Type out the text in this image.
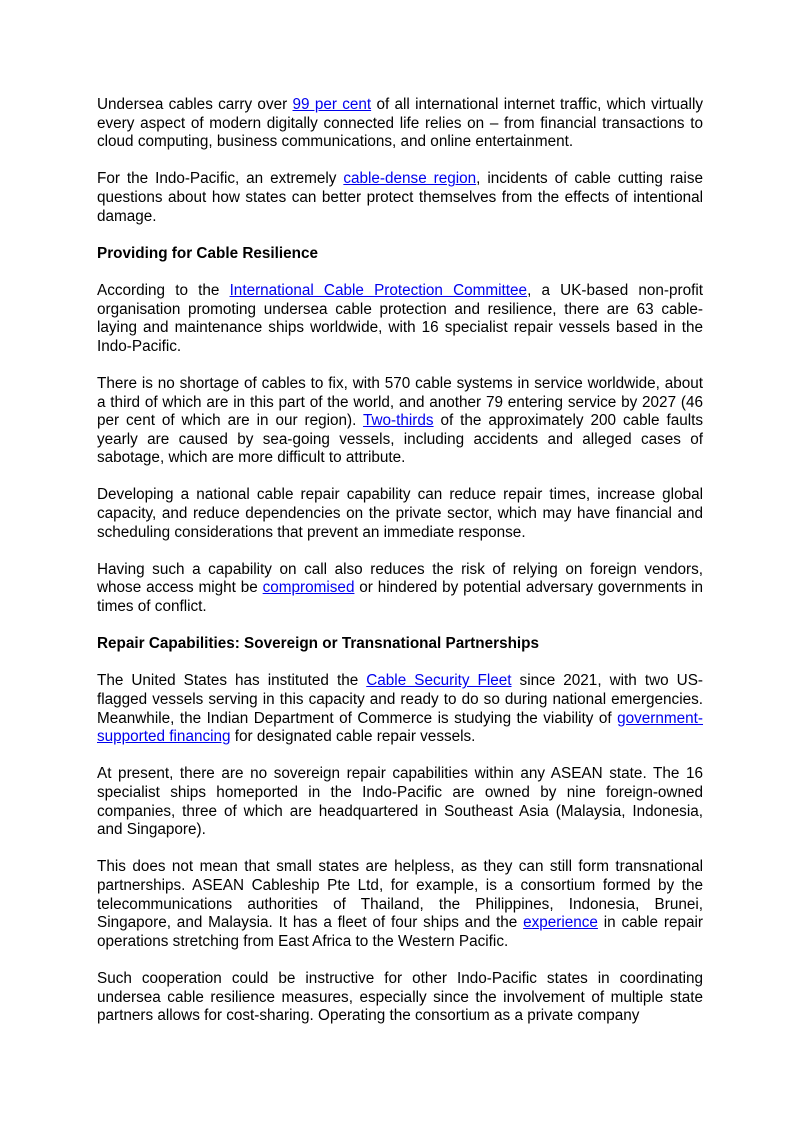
Undersea cables carry over 99 per cent of all international internet traffic, which virtually every aspect of modern digitally connected life relies on – from financial transactions to cloud computing, business communications, and online entertainment.

For the Indo-Pacific, an extremely cable-dense region, incidents of cable cutting raise questions about how states can better protect themselves from the effects of intentional damage.

Providing for Cable Resilience

According to the International Cable Protection Committee, a UK-based non-profit organisation promoting undersea cable protection and resilience, there are 63 cable-laying and maintenance ships worldwide, with 16 specialist repair vessels based in the Indo-Pacific.

There is no shortage of cables to fix, with 570 cable systems in service worldwide, about a third of which are in this part of the world, and another 79 entering service by 2027 (46 per cent of which are in our region). Two-thirds of the approximately 200 cable faults yearly are caused by sea-going vessels, including accidents and alleged cases of sabotage, which are more difficult to attribute.

Developing a national cable repair capability can reduce repair times, increase global capacity, and reduce dependencies on the private sector, which may have financial and scheduling considerations that prevent an immediate response.

Having such a capability on call also reduces the risk of relying on foreign vendors, whose access might be compromised or hindered by potential adversary governments in times of conflict.

Repair Capabilities: Sovereign or Transnational Partnerships

The United States has instituted the Cable Security Fleet since 2021, with two US-flagged vessels serving in this capacity and ready to do so during national emergencies. Meanwhile, the Indian Department of Commerce is studying the viability of government-supported financing for designated cable repair vessels.

At present, there are no sovereign repair capabilities within any ASEAN state. The 16 specialist ships homeported in the Indo-Pacific are owned by nine foreign-owned companies, three of which are headquartered in Southeast Asia (Malaysia, Indonesia, and Singapore).

This does not mean that small states are helpless, as they can still form transnational partnerships. ASEAN Cableship Pte Ltd, for example, is a consortium formed by the telecommunications authorities of Thailand, the Philippines, Indonesia, Brunei, Singapore, and Malaysia. It has a fleet of four ships and the experience in cable repair operations stretching from East Africa to the Western Pacific.

Such cooperation could be instructive for other Indo-Pacific states in coordinating undersea cable resilience measures, especially since the involvement of multiple state partners allows for cost-sharing. Operating the consortium as a private company
